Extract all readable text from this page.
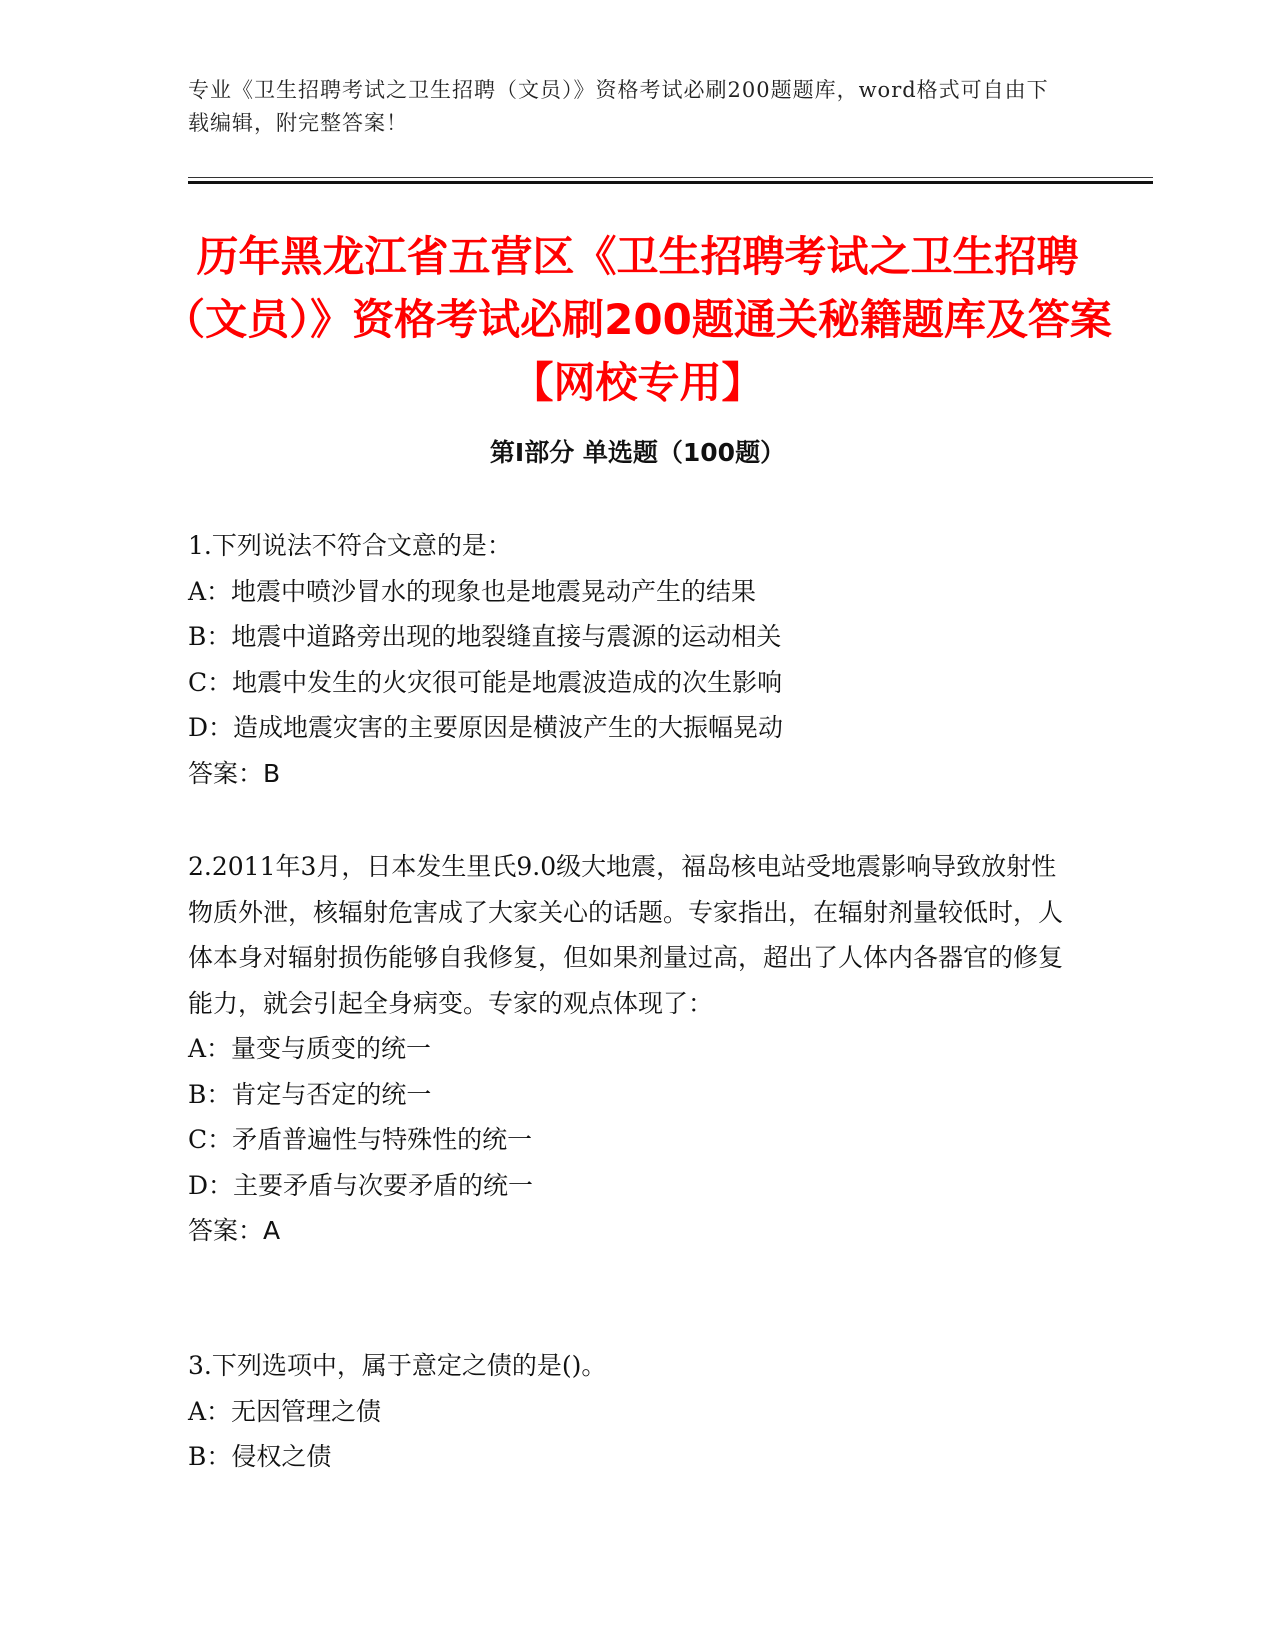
专业《卫生招聘考试之卫生招聘（文员）》资格考试必刷200题题库，word格式可自由下载编辑，附完整答案！
历年黑龙江省五营区《卫生招聘考试之卫生招聘（文员）》资格考试必刷200题通关秘籍题库及答案【网校专用】
第I部分 单选题（100题）

1.下列说法不符合文意的是：

A：地震中喷沙冒水的现象也是地震晃动产生的结果

B：地震中道路旁出现的地裂缝直接与震源的运动相关

C：地震中发生的火灾很可能是地震波造成的次生影响

D：造成地震灾害的主要原因是横波产生的大振幅晃动

答案：B

2.2011年3月，日本发生里氏9.0级大地震，福岛核电站受地震影响导致放射性物质外泄，核辐射危害成了大家关心的话题。专家指出，在辐射剂量较低时，人体本身对辐射损伤能够自我修复，但如果剂量过高，超出了人体内各器官的修复能力，就会引起全身病变。专家的观点体现了：

A：量变与质变的统一

B：肯定与否定的统一

C：矛盾普遍性与特殊性的统一

D：主要矛盾与次要矛盾的统一

答案：A

3.下列选项中，属于意定之债的是()。

A：无因管理之债

B：侵权之债
